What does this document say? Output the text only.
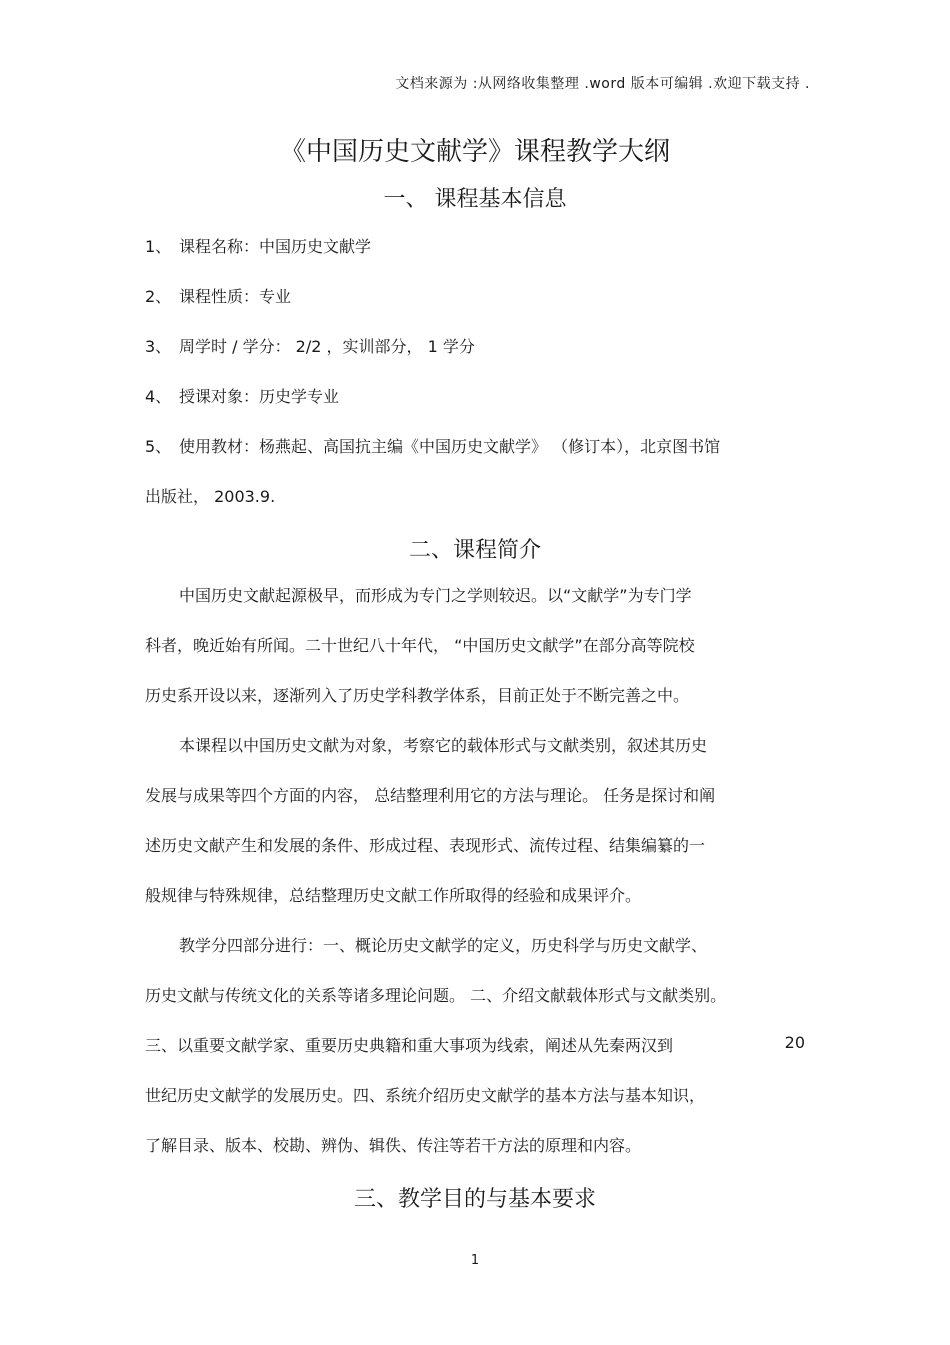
文档来源为 :从网络收集整理 .word 版本可编辑 .欢迎下载支持 .
《中国历史文献学》课程教学大纲
一、 课程基本信息
1、 课程名称：中国历史文献学
2、 课程性质：专业
3、 周学时 / 学分： 2/2 ，实训部分， 1 学分
4、 授课对象：历史学专业
5、 使用教材：杨燕起、高国抗主编《中国历史文献学》 （修订本），北京图书馆
出版社， 2003.9.
二、课程简介
中国历史文献起源极早，而形成为专门之学则较迟。以“文献学”为专门学
科者，晚近始有所闻。二十世纪八十年代， “中国历史文献学”在部分高等院校
历史系开设以来，逐渐列入了历史学科教学体系，目前正处于不断完善之中。
本课程以中国历史文献为对象，考察它的载体形式与文献类别，叙述其历史
发展与成果等四个方面的内容， 总结整理利用它的方法与理论。 任务是探讨和阐
述历史文献产生和发展的条件、形成过程、表现形式、流传过程、结集编纂的一
般规律与特殊规律，总结整理历史文献工作所取得的经验和成果评介。
教学分四部分进行：一、概论历史文献学的定义，历史科学与历史文献学、
历史文献与传统文化的关系等诸多理论问题。 二、介绍文献载体形式与文献类别。
三、以重要文献学家、重要历史典籍和重大事项为线索，阐述从先秦两汉到	20
世纪历史文献学的发展历史。四、系统介绍历史文献学的基本方法与基本知识，
了解目录、版本、校勘、辨伪、辑佚、传注等若干方法的原理和内容。
三、教学目的与基本要求
1
